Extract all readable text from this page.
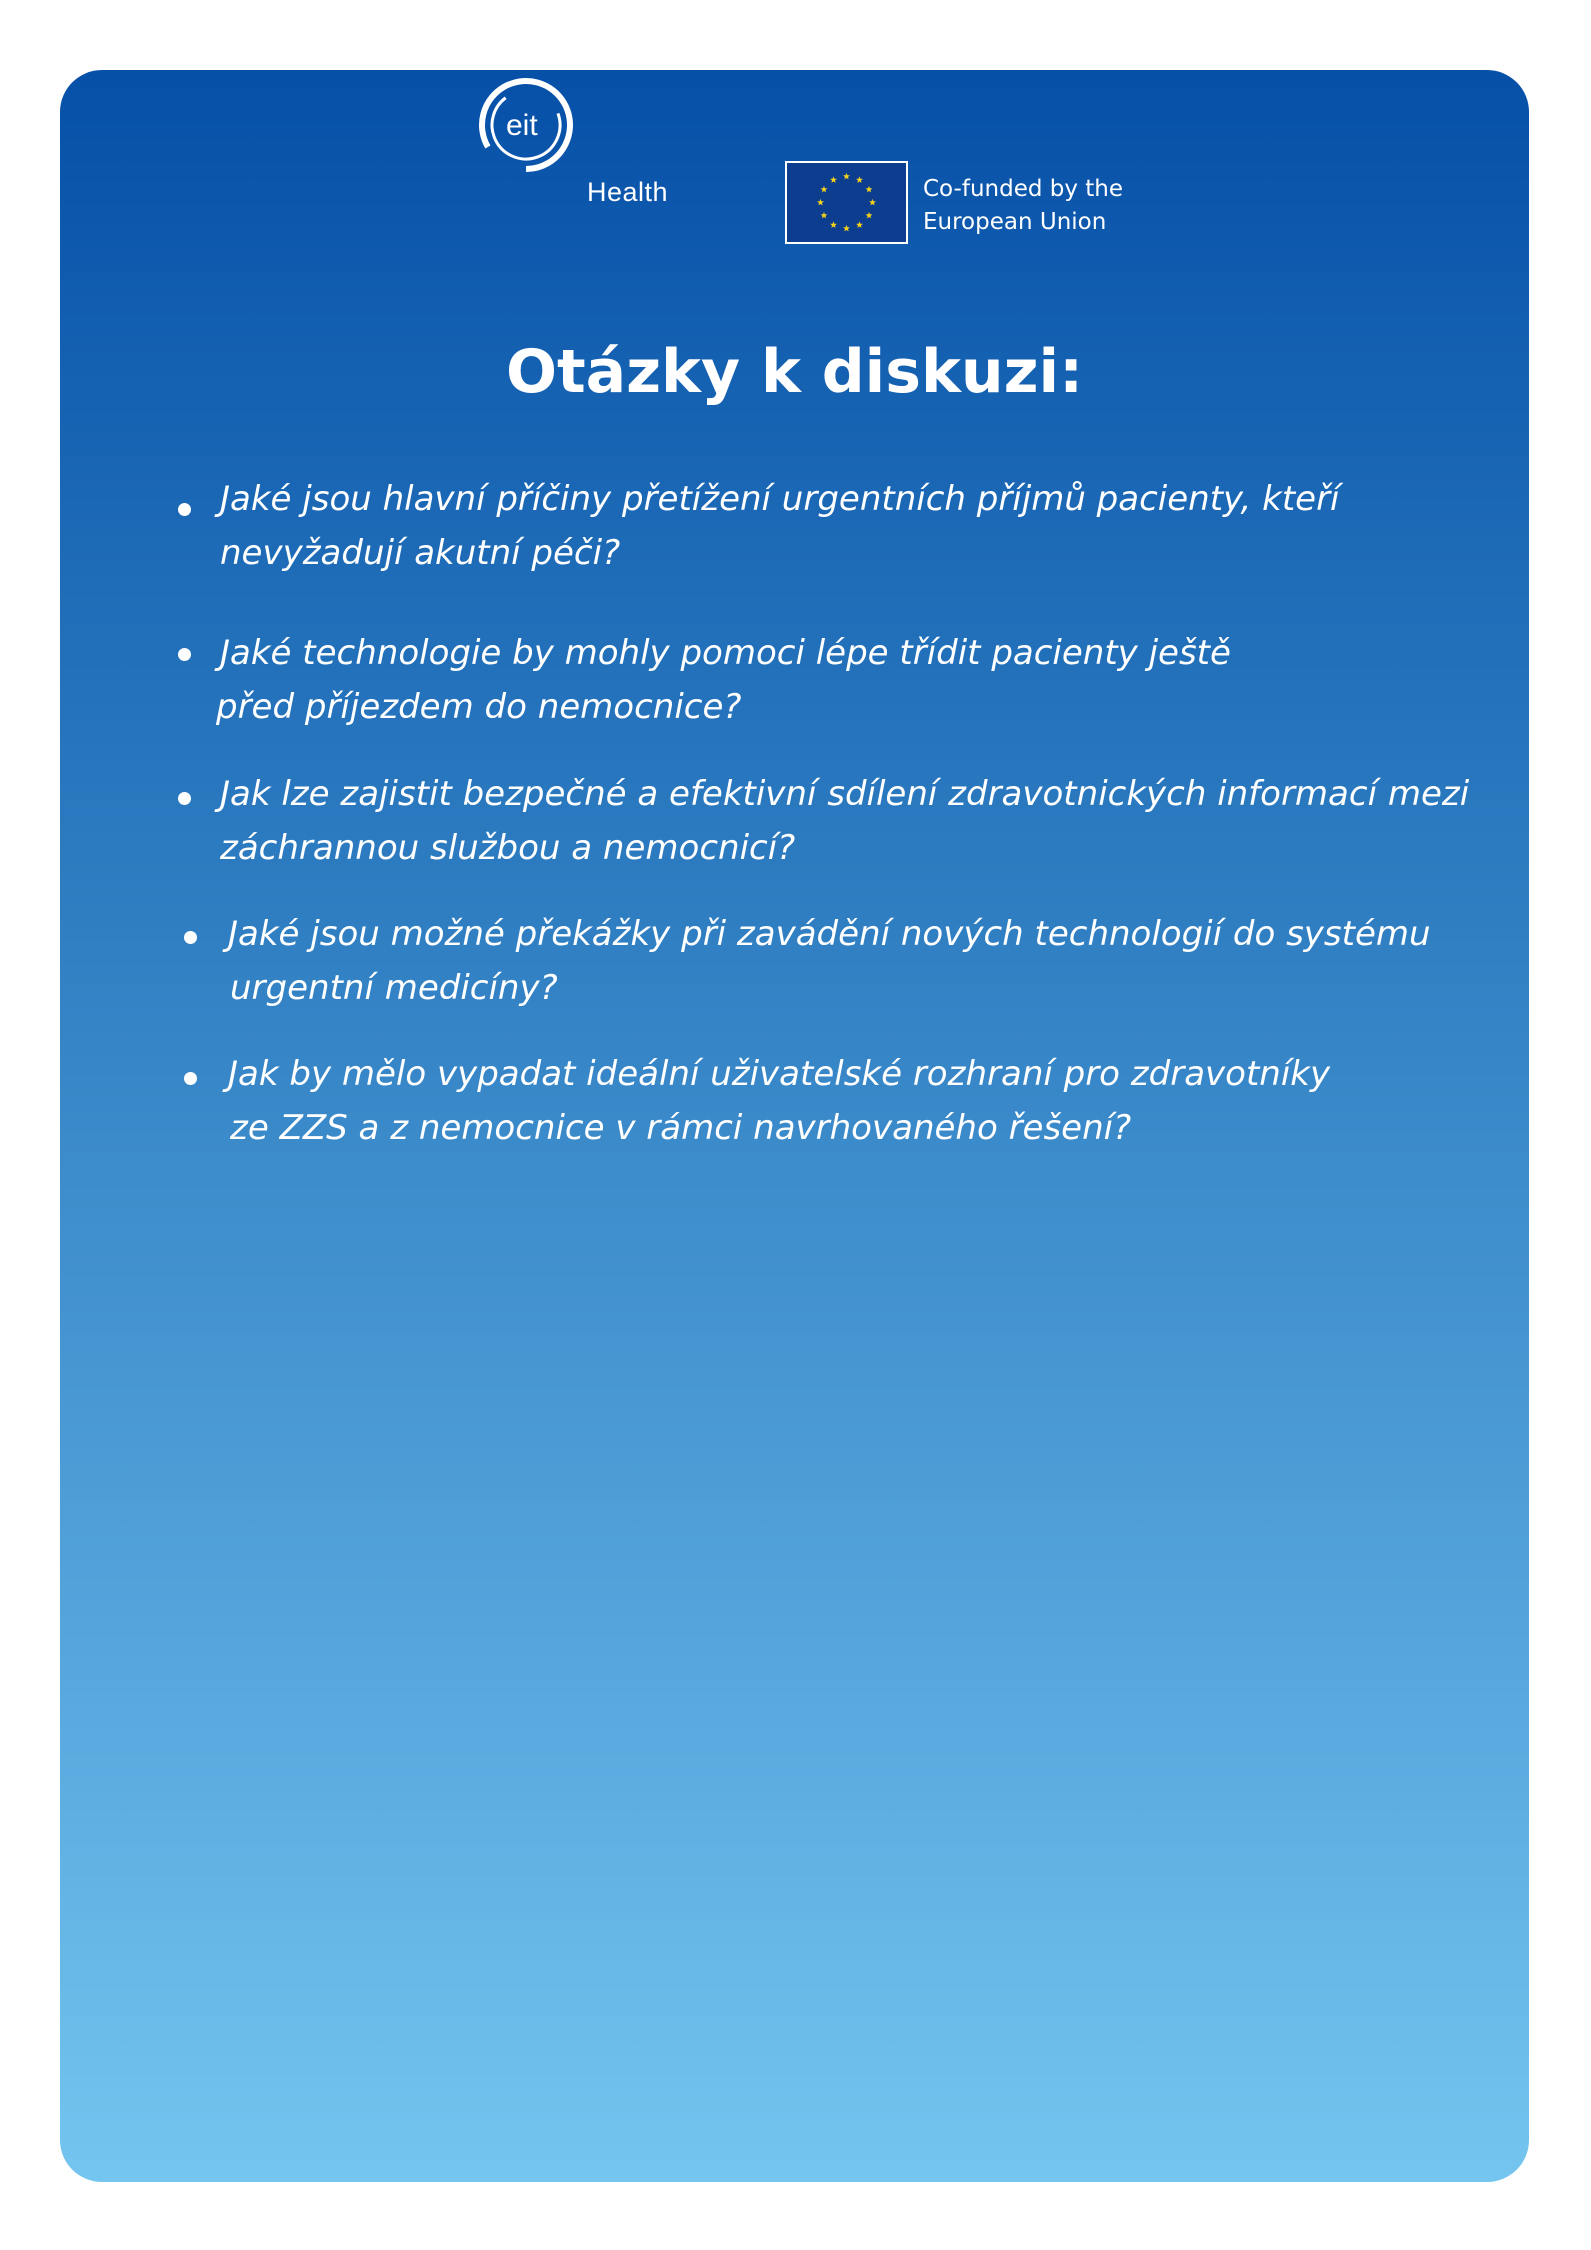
eit
Health	Co-funded by the
European Union
Otázky k diskuzi:
Jaké jsou hlavní příčiny přetížení urgentních příjmů pacienty, kteří
nevyžadují akutní péči?
Jaké technologie by mohly pomoci lépe třídit pacienty ještě
před příjezdem do nemocnice?
Jak lze zajistit bezpečné a efektivní sdílení zdravotnických informací mezi
záchrannou službou a nemocnicí?
Jaké jsou možné překážky při zavádění nových technologií do systému
urgentní medicíny?
Jak by mělo vypadat ideální uživatelské rozhraní pro zdravotníky
ze ZZS a z nemocnice v rámci navrhovaného řešení?
